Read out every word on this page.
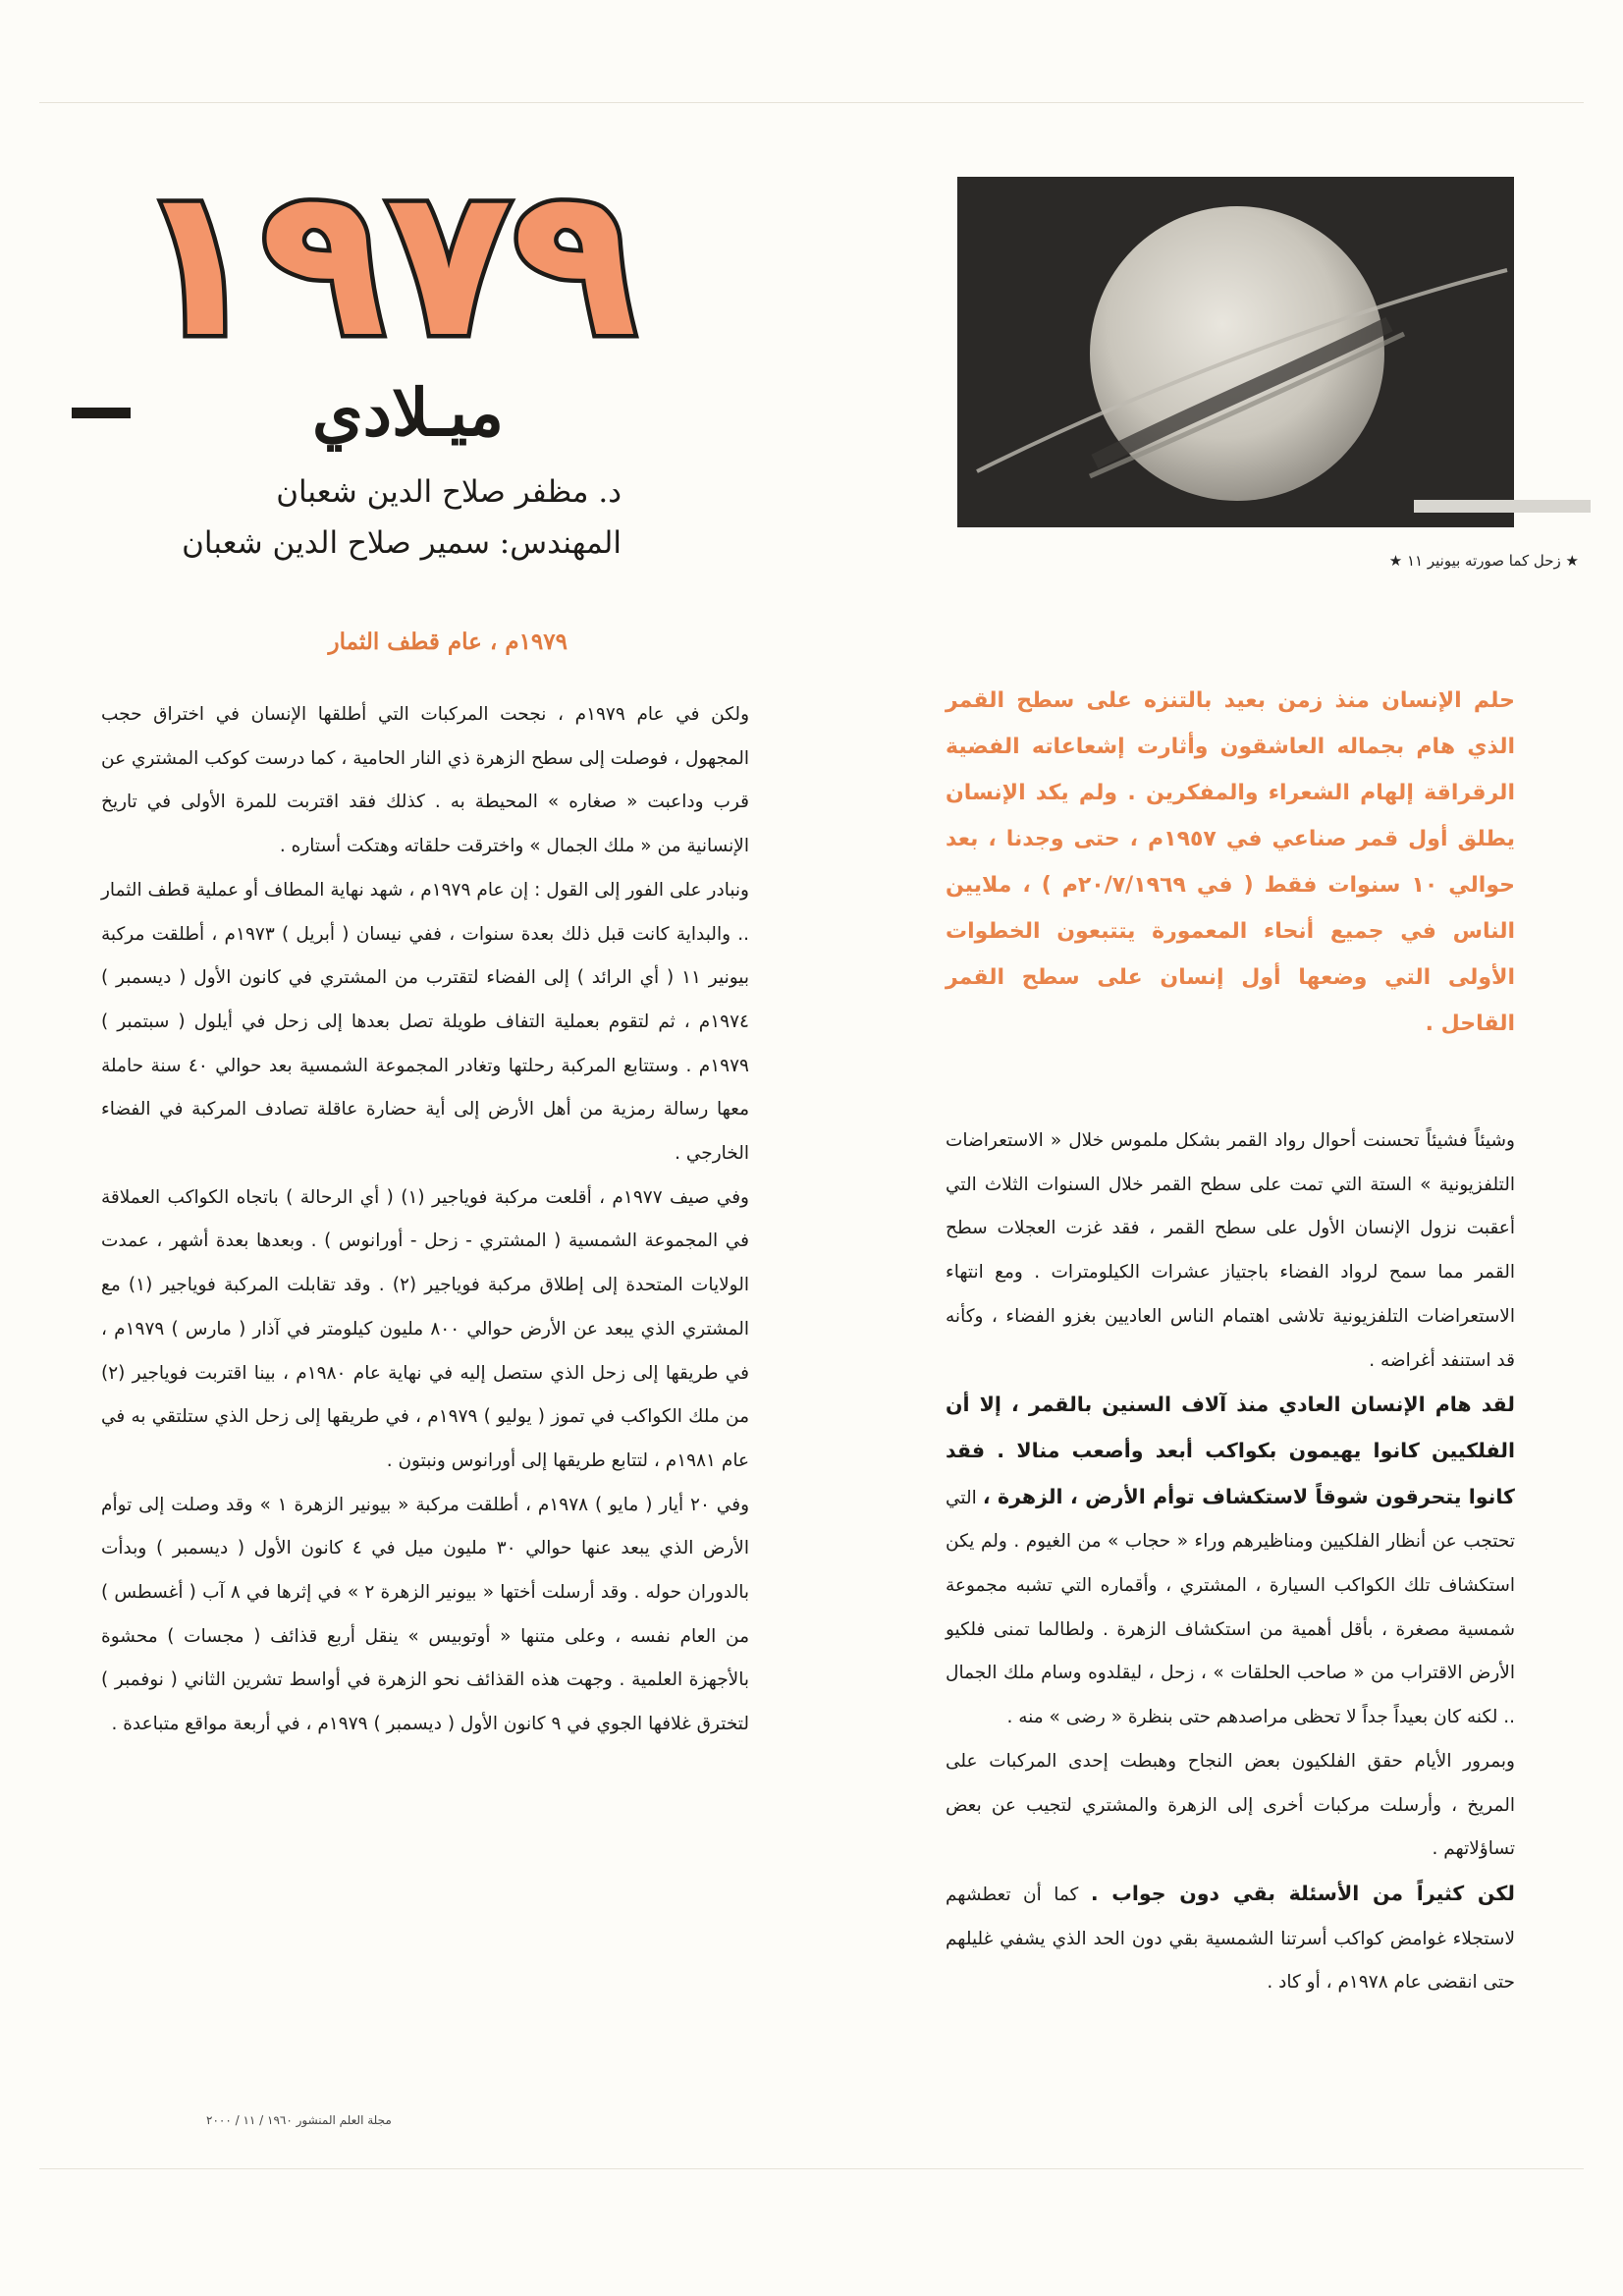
١٩٧٩
ميـلادي
د. مظفر صلاح الدين شعبان
المهندس: سمير صلاح الدين شعبان	★ زحل كما صورته بيونير ١١ ★
حلم الإنسان منذ زمن بعيد بالتنزه على سطح القمر الذي هام بجماله العاشقون وأثارت إشعاعاته الفضية الرقراقة إلهام الشعراء والمفكرين . ولم يكد الإنسان يطلق أول قمر صناعي في ١٩٥٧م ، حتى وجدنا ، بعد حوالي ١٠ سنوات فقط ( في ٢٠/٧/١٩٦٩م ) ، ملايين الناس في جميع أنحاء المعمورة يتتبعون الخطوات الأولى التي وضعها أول إنسان على سطح القمر القاحل .

وشيئاً فشيئاً تحسنت أحوال رواد القمر بشكل ملموس خلال « الاستعراضات التلفزيونية » الستة التي تمت على سطح القمر خلال السنوات الثلاث التي أعقبت نزول الإنسان الأول على سطح القمر ، فقد غزت العجلات سطح القمر مما سمح لرواد الفضاء باجتياز عشرات الكيلومترات . ومع انتهاء الاستعراضات التلفزيونية تلاشى اهتمام الناس العاديين بغزو الفضاء ، وكأنه قد استنفد أغراضه .

لقد هام الإنسان العادي منذ آلاف السنين بالقمر ، إلا أن الفلكيين كانوا يهيمون بكواكب أبعد وأصعب منالا . فقد كانوا يتحرقون شوقاً لاستكشاف توأم الأرض ، الزهرة ، التي تحتجب عن أنظار الفلكيين ومناظيرهم وراء « حجاب » من الغيوم . ولم يكن استكشاف تلك الكواكب السيارة ، المشتري ، وأقماره التي تشبه مجموعة شمسية مصغرة ، بأقل أهمية من استكشاف الزهرة . ولطالما تمنى فلكيو الأرض الاقتراب من « صاحب الحلقات » ، زحل ، ليقلدوه وسام ملك الجمال .. لكنه كان بعيداً جداً لا تحظى مراصدهم حتى بنظرة « رضى » منه .

وبمرور الأيام حقق الفلكيون بعض النجاح وهبطت إحدى المركبات على المريخ ، وأرسلت مركبات أخرى إلى الزهرة والمشتري لتجيب عن بعض تساؤلاتهم .

لكن كثيراً من الأسئلة بقي دون جواب . كما أن تعطشهم لاستجلاء غوامض كواكب أسرتنا الشمسية بقي دون الحد الذي يشفي غليلهم حتى انقضى عام ١٩٧٨م ، أو كاد .

١٩٧٩م ، عام قطف الثمار

ولكن في عام ١٩٧٩م ، نجحت المركبات التي أطلقها الإنسان في اختراق حجب المجهول ، فوصلت إلى سطح الزهرة ذي النار الحامية ، كما درست كوكب المشتري عن قرب وداعبت « صغاره » المحيطة به . كذلك فقد اقتربت للمرة الأولى في تاريخ الإنسانية من « ملك الجمال » واخترقت حلقاته وهتكت أستاره .

ونبادر على الفور إلى القول : إن عام ١٩٧٩م ، شهد نهاية المطاف أو عملية قطف الثمار .. والبداية كانت قبل ذلك بعدة سنوات ، ففي نيسان ( أبريل ) ١٩٧٣م ، أطلقت مركبة بيونير ١١ ( أي الرائد ) إلى الفضاء لتقترب من المشتري في كانون الأول ( ديسمبر ) ١٩٧٤م ، ثم لتقوم بعملية التفاف طويلة تصل بعدها إلى زحل في أيلول ( سبتمبر ) ١٩٧٩م . وستتابع المركبة رحلتها وتغادر المجموعة الشمسية بعد حوالي ٤٠ سنة حاملة معها رسالة رمزية من أهل الأرض إلى أية حضارة عاقلة تصادف المركبة في الفضاء الخارجي .

وفي صيف ١٩٧٧م ، أقلعت مركبة فوياجير (١) ( أي الرحالة ) باتجاه الكواكب العملاقة في المجموعة الشمسية ( المشتري - زحل - أورانوس ) . وبعدها بعدة أشهر ، عمدت الولايات المتحدة إلى إطلاق مركبة فوياجير (٢) . وقد تقابلت المركبة فوياجير (١) مع المشتري الذي يبعد عن الأرض حوالي ٨٠٠ مليون كيلومتر في آذار ( مارس ) ١٩٧٩م ، في طريقها إلى زحل الذي ستصل إليه في نهاية عام ١٩٨٠م ، بينا اقتربت فوياجير (٢) من ملك الكواكب في تموز ( يوليو ) ١٩٧٩م ، في طريقها إلى زحل الذي ستلتقي به في عام ١٩٨١م ، لتتابع طريقها إلى أورانوس ونبتون .

وفي ٢٠ أيار ( مايو ) ١٩٧٨م ، أطلقت مركبة « بيونير الزهرة ١ » وقد وصلت إلى توأم الأرض الذي يبعد عنها حوالي ٣٠ مليون ميل في ٤ كانون الأول ( ديسمبر ) وبدأت بالدوران حوله . وقد أرسلت أختها « بيونير الزهرة ٢ » في إثرها في ٨ آب ( أغسطس ) من العام نفسه ، وعلى متنها « أوتوبيس » ينقل أربع قذائف ( مجسات ) محشوة بالأجهزة العلمية . وجهت هذه القذائف نحو الزهرة في أواسط تشرين الثاني ( نوفمبر ) لتخترق غلافها الجوي في ٩ كانون الأول ( ديسمبر ) ١٩٧٩م ، في أربعة مواقع متباعدة .

مجلة العلم المنشور ١٩٦٠ / ١١ / ٢٠٠٠
